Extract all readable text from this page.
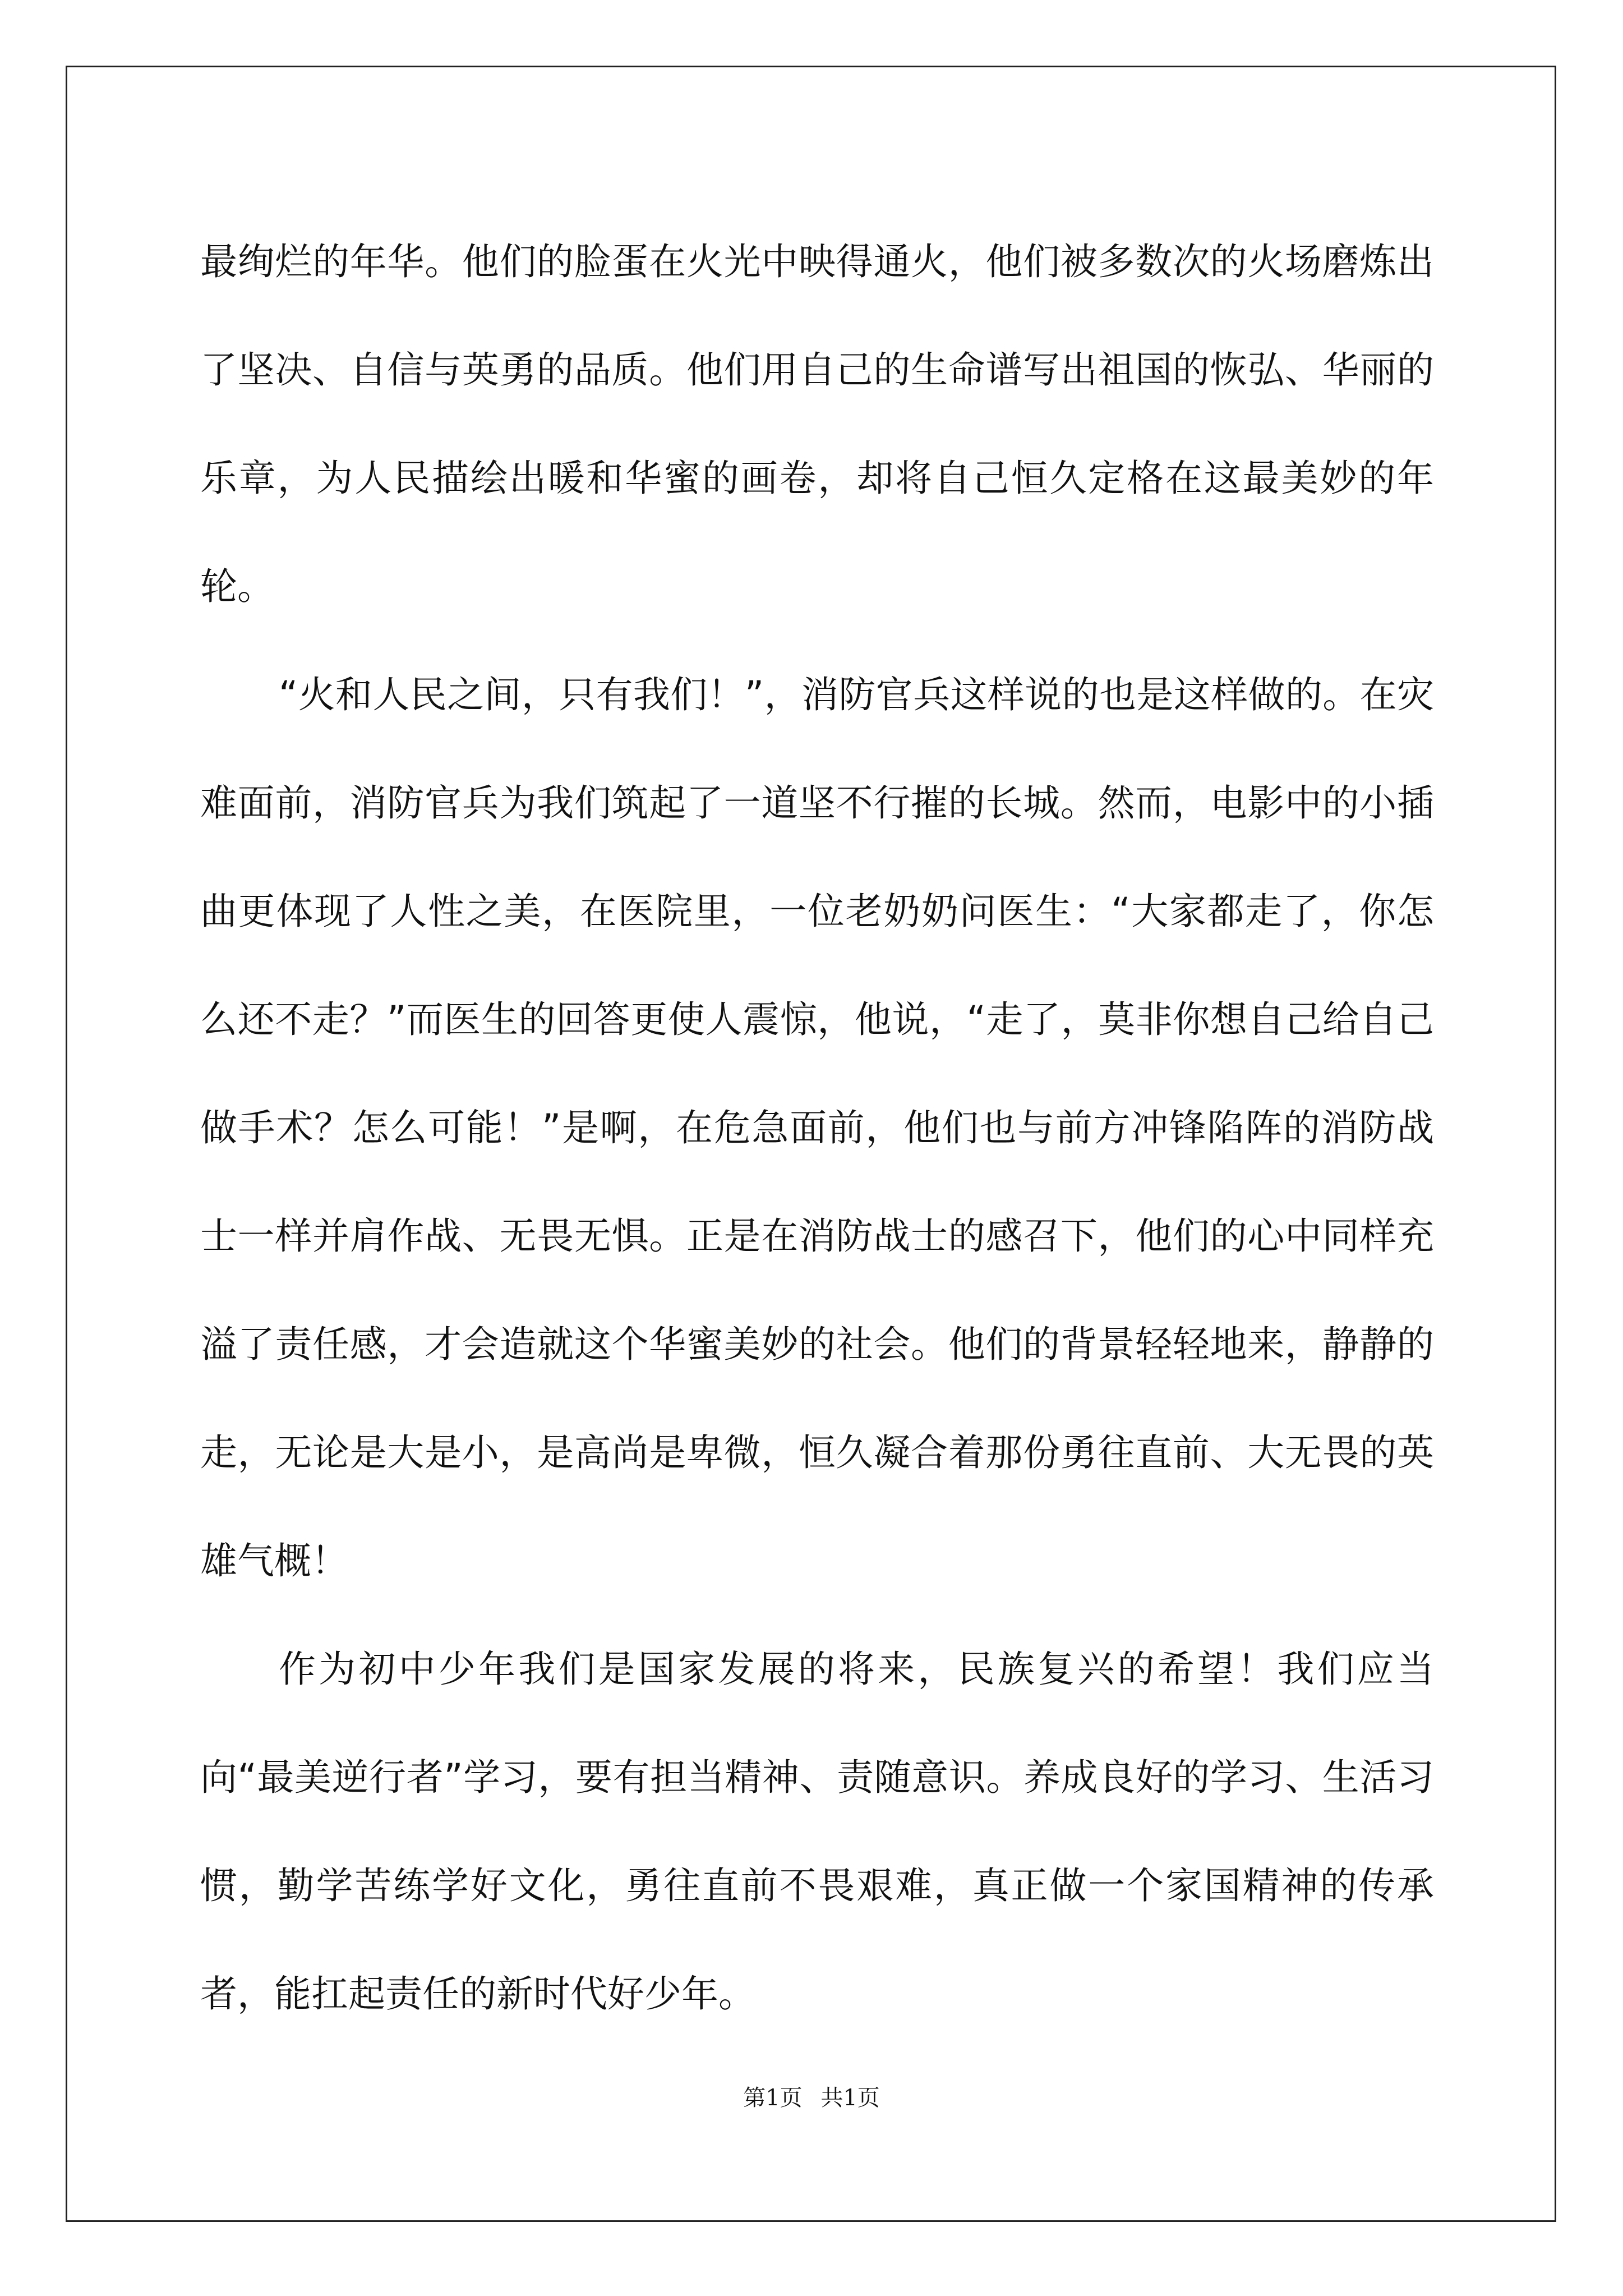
最绚烂的年华。他们的脸蛋在火光中映得通火，他们被多数次的火场磨炼出了坚决、自信与英勇的品质。他们用自己的生命谱写出祖国的恢弘、华丽的乐章，为人民描绘出暖和华蜜的画卷，却将自己恒久定格在这最美妙的年轮。

“火和人民之间，只有我们！”，消防官兵这样说的也是这样做的。在灾难面前，消防官兵为我们筑起了一道坚不行摧的长城。然而，电影中的小插曲更体现了人性之美，在医院里，一位老奶奶问医生：“大家都走了，你怎么还不走？”而医生的回答更使人震惊，他说，“走了，莫非你想自己给自己做手术？怎么可能！”是啊，在危急面前，他们也与前方冲锋陷阵的消防战士一样并肩作战、无畏无惧。正是在消防战士的感召下，他们的心中同样充溢了责任感，才会造就这个华蜜美妙的社会。他们的背景轻轻地来，静静的走，无论是大是小，是高尚是卑微，恒久凝合着那份勇往直前、大无畏的英雄气概！

作为初中少年我们是国家发展的将来，民族复兴的希望！我们应当向“最美逆行者”学习，要有担当精神、责随意识。养成良好的学习、生活习惯，勤学苦练学好文化，勇往直前不畏艰难，真正做一个家国精神的传承者，能扛起责任的新时代好少年。

第1页 共1页
